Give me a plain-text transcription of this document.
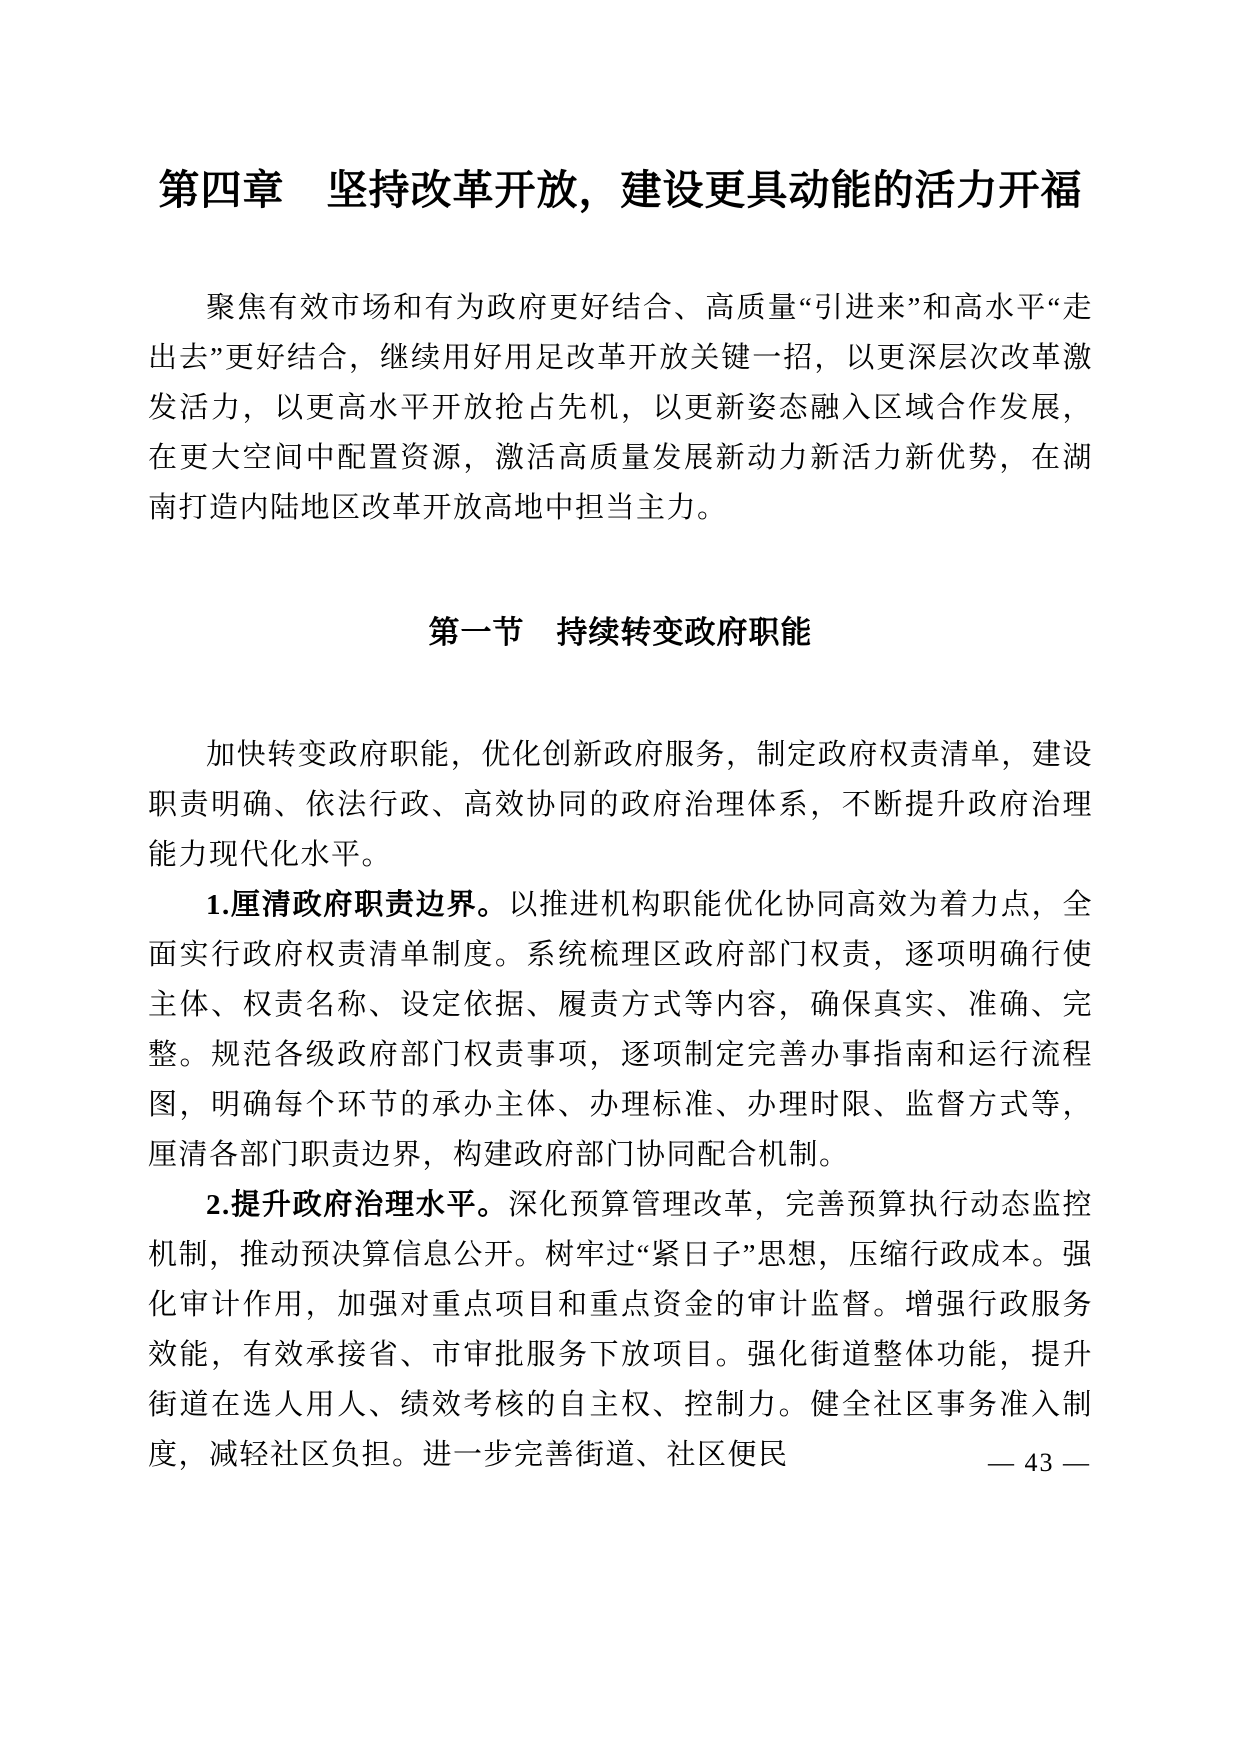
第四章　坚持改革开放，建设更具动能的活力开福

聚焦有效市场和有为政府更好结合、高质量“引进来”和高水平“走出去”更好结合，继续用好用足改革开放关键一招，以更深层次改革激发活力，以更高水平开放抢占先机，以更新姿态融入区域合作发展，在更大空间中配置资源，激活高质量发展新动力新活力新优势，在湖南打造内陆地区改革开放高地中担当主力。

第一节　持续转变政府职能

加快转变政府职能，优化创新政府服务，制定政府权责清单，建设职责明确、依法行政、高效协同的政府治理体系，不断提升政府治理能力现代化水平。

1.厘清政府职责边界。以推进机构职能优化协同高效为着力点，全面实行政府权责清单制度。系统梳理区政府部门权责，逐项明确行使主体、权责名称、设定依据、履责方式等内容，确保真实、准确、完整。规范各级政府部门权责事项，逐项制定完善办事指南和运行流程图，明确每个环节的承办主体、办理标准、办理时限、监督方式等，厘清各部门职责边界，构建政府部门协同配合机制。

2.提升政府治理水平。深化预算管理改革，完善预算执行动态监控机制，推动预决算信息公开。树牢过“紧日子”思想，压缩行政成本。强化审计作用，加强对重点项目和重点资金的审计监督。增强行政服务效能，有效承接省、市审批服务下放项目。强化街道整体功能，提升街道在选人用人、绩效考核的自主权、控制力。健全社区事务准入制度，减轻社区负担。进一步完善街道、社区便民	— 43 —
